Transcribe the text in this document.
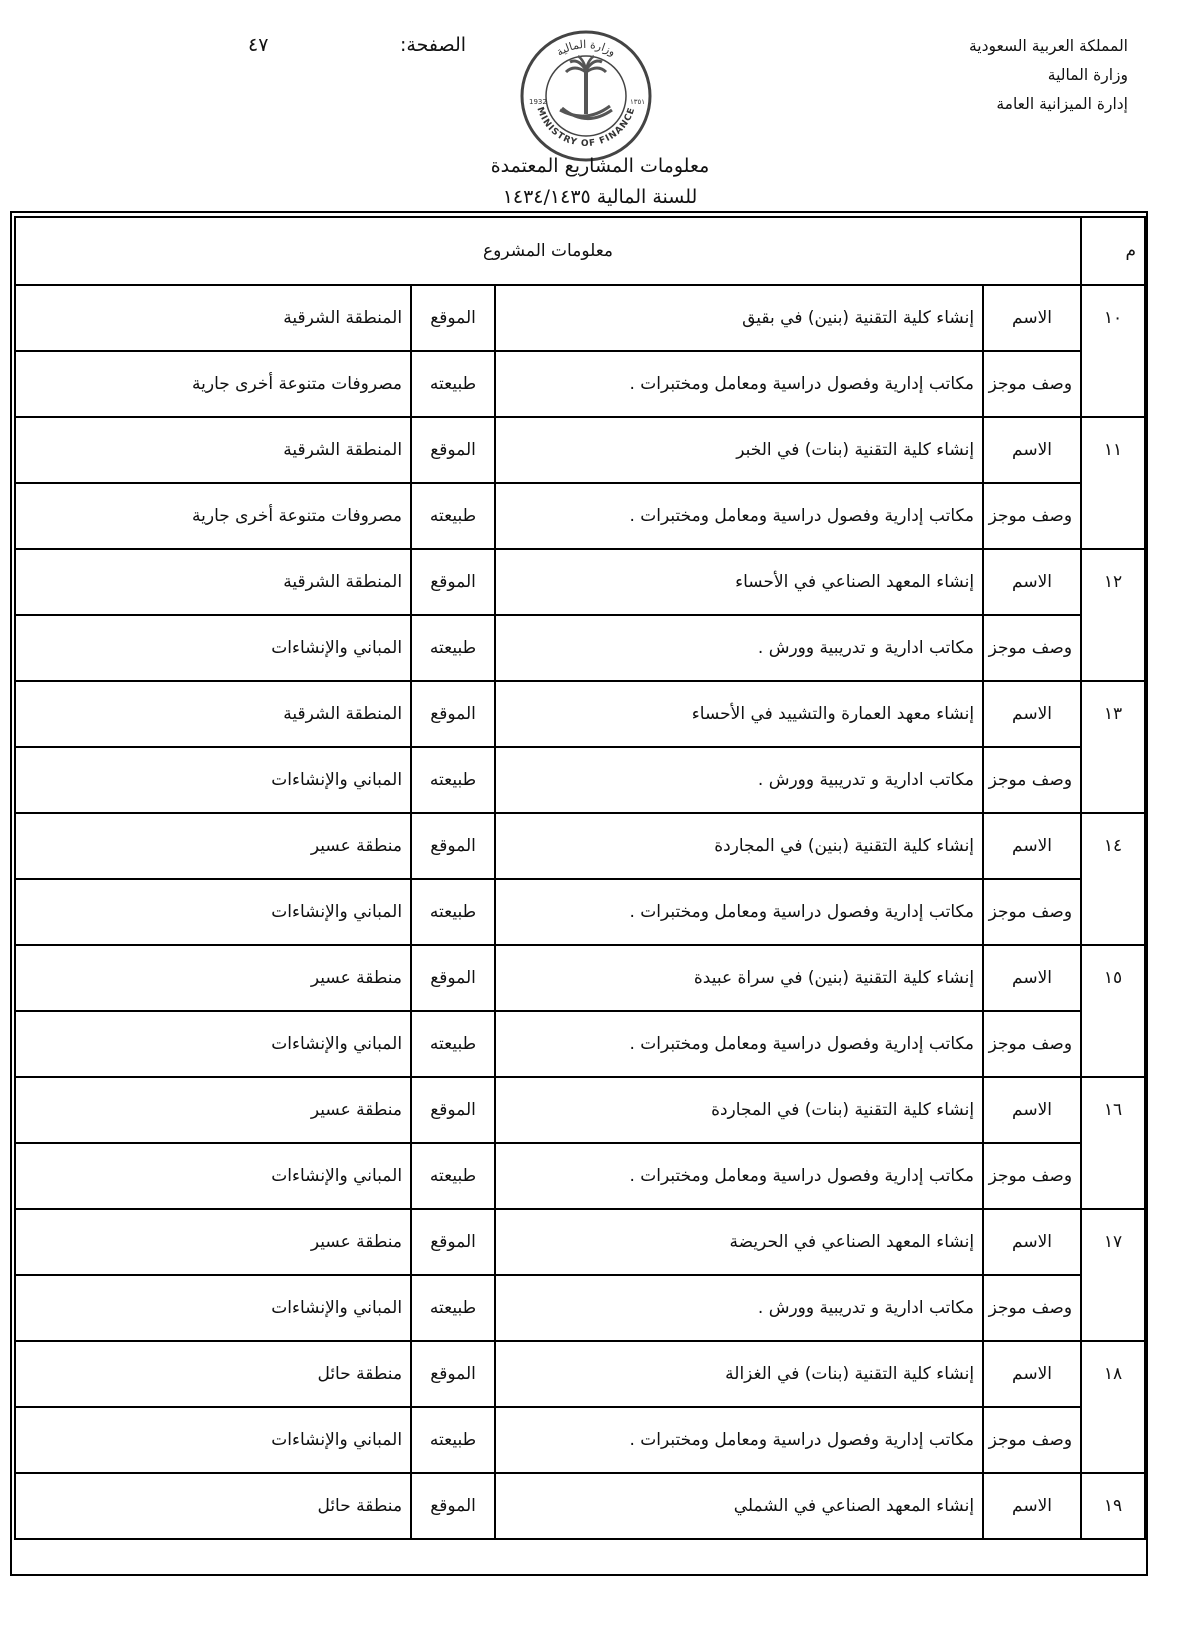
المملكة العربية السعودية
وزارة المالية
إدارة الميزانية العامة
الصفحة:
٤٧	وزارة المالية
MINISTRY OF FINANCE
1932	١٣٥١
معلومات المشاريع المعتمدة
للسنة المالية ١٤٣٤/١٤٣٥
م	معلومات المشروع			
١٠	الاسم	إنشاء كلية التقنية (بنين) في بقيق	الموقع	المنطقة الشرقية
	وصف موجز	مكاتب إدارية وفصول دراسية ومعامل ومختبرات .	طبيعته	مصروفات متنوعة أخرى جارية
١١	الاسم	إنشاء كلية التقنية (بنات) في الخبر	الموقع	المنطقة الشرقية
	وصف موجز	مكاتب إدارية وفصول دراسية ومعامل ومختبرات .	طبيعته	مصروفات متنوعة أخرى جارية
١٢	الاسم	إنشاء المعهد الصناعي في الأحساء	الموقع	المنطقة الشرقية
	وصف موجز	مكاتب ادارية و تدريبية وورش .	طبيعته	المباني والإنشاءات
١٣	الاسم	إنشاء معهد العمارة والتشييد في الأحساء	الموقع	المنطقة الشرقية
	وصف موجز	مكاتب ادارية و تدريبية وورش .	طبيعته	المباني والإنشاءات
١٤	الاسم	إنشاء كلية التقنية (بنين) في المجاردة	الموقع	منطقة عسير
	وصف موجز	مكاتب إدارية وفصول دراسية ومعامل ومختبرات .	طبيعته	المباني والإنشاءات
١٥	الاسم	إنشاء كلية التقنية (بنين) في سراة عبيدة	الموقع	منطقة عسير
	وصف موجز	مكاتب إدارية وفصول دراسية ومعامل ومختبرات .	طبيعته	المباني والإنشاءات
١٦	الاسم	إنشاء كلية التقنية (بنات) في المجاردة	الموقع	منطقة عسير
	وصف موجز	مكاتب إدارية وفصول دراسية ومعامل ومختبرات .	طبيعته	المباني والإنشاءات
١٧	الاسم	إنشاء المعهد الصناعي في الحريضة	الموقع	منطقة عسير
	وصف موجز	مكاتب ادارية و تدريبية وورش .	طبيعته	المباني والإنشاءات
١٨	الاسم	إنشاء كلية التقنية (بنات) في الغزالة	الموقع	منطقة حائل
	وصف موجز	مكاتب إدارية وفصول دراسية ومعامل ومختبرات .	طبيعته	المباني والإنشاءات
١٩	الاسم	إنشاء المعهد الصناعي في الشملي	الموقع	منطقة حائل
